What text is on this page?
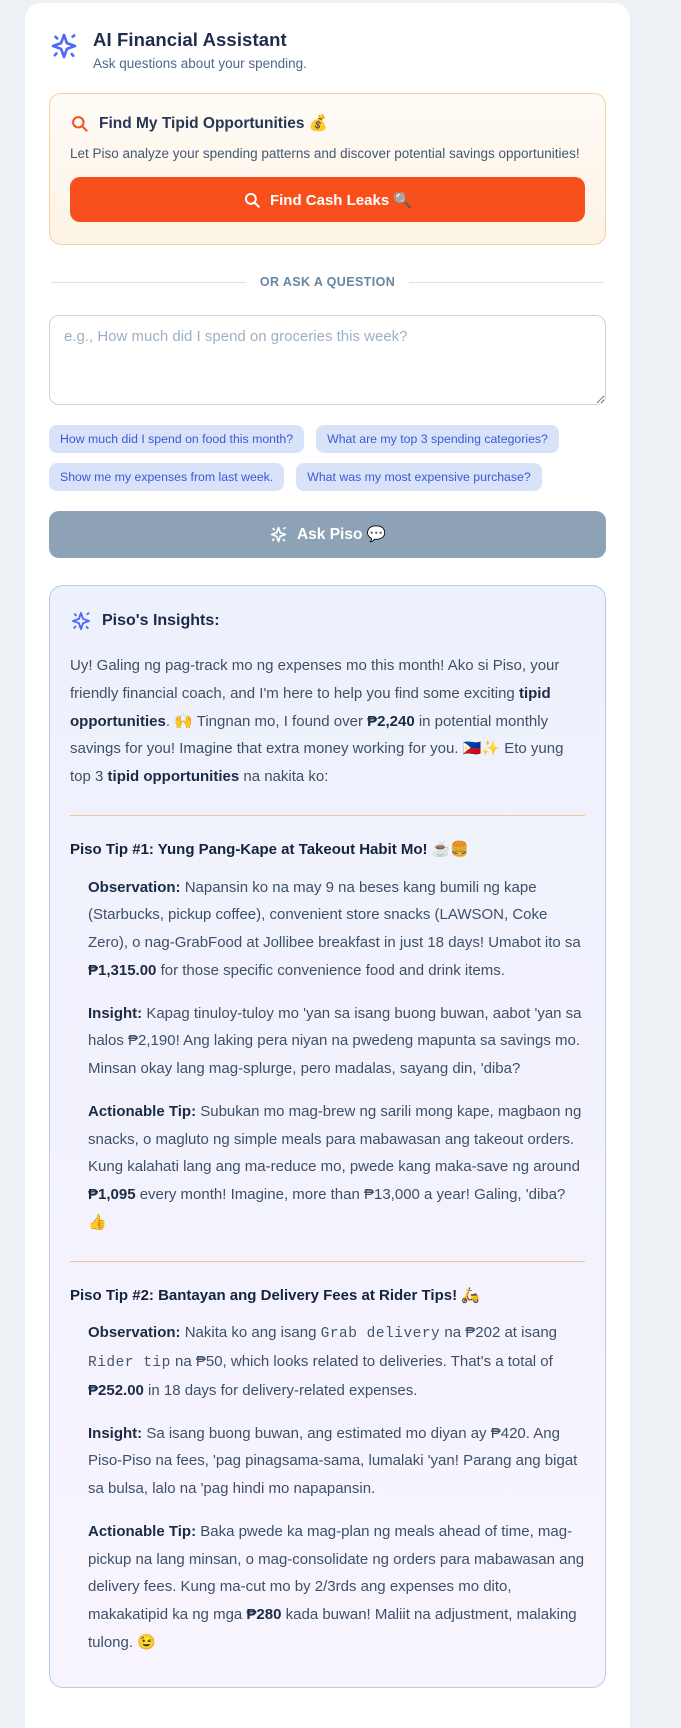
AI Financial Assistant

Ask questions about your spending.

Find My Tipid Opportunities 💰

Let Piso analyze your spending patterns and discover potential savings opportunities!

Find Cash Leaks 🔍
OR ASK A QUESTION
e.g., How much did I spend on groceries this week?
How much did I spend on food this month?	What are my top 3 spending categories?
Show me my expenses from last week.	What was my most expensive purchase?
Ask Piso 💬
Piso's Insights:

Uy! Galing ng pag-track mo ng expenses mo this month! Ako si Piso, your friendly financial coach, and I'm here to help you find some exciting tipid opportunities. 🙌 Tingnan mo, I found over ₱2,240 in potential monthly savings for you! Imagine that extra money working for you. 🇵🇭✨ Eto yung top 3 tipid opportunities na nakita ko:

Piso Tip #1: Yung Pang-Kape at Takeout Habit Mo! ☕🍔

Observation: Napansin ko na may 9 na beses kang bumili ng kape (Starbucks, pickup coffee), convenient store snacks (LAWSON, Coke Zero), o nag-GrabFood at Jollibee breakfast in just 18 days! Umabot ito sa ₱1,315.00 for those specific convenience food and drink items.

Insight: Kapag tinuloy-tuloy mo 'yan sa isang buong buwan, aabot 'yan sa halos ₱2,190! Ang laking pera niyan na pwedeng mapunta sa savings mo. Minsan okay lang mag-splurge, pero madalas, sayang din, 'diba?

Actionable Tip: Subukan mo mag-brew ng sarili mong kape, magbaon ng snacks, o magluto ng simple meals para mabawasan ang takeout orders. Kung kalahati lang ang ma-reduce mo, pwede kang maka-save ng around ₱1,095 every month! Imagine, more than ₱13,000 a year! Galing, 'diba? 👍

Piso Tip #2: Bantayan ang Delivery Fees at Rider Tips! 🛵

Observation: Nakita ko ang isang Grab delivery na ₱202 at isang Rider tip na ₱50, which looks related to deliveries. That's a total of ₱252.00 in 18 days for delivery-related expenses.

Insight: Sa isang buong buwan, ang estimated mo diyan ay ₱420. Ang Piso-Piso na fees, 'pag pinagsama-sama, lumalaki 'yan! Parang ang bigat sa bulsa, lalo na 'pag hindi mo napapansin.

Actionable Tip: Baka pwede ka mag-plan ng meals ahead of time, mag-pickup na lang minsan, o mag-consolidate ng orders para mabawasan ang delivery fees. Kung ma-cut mo by 2/3rds ang expenses mo dito, makakatipid ka ng mga ₱280 kada buwan! Maliit na adjustment, malaking tulong. 😉
